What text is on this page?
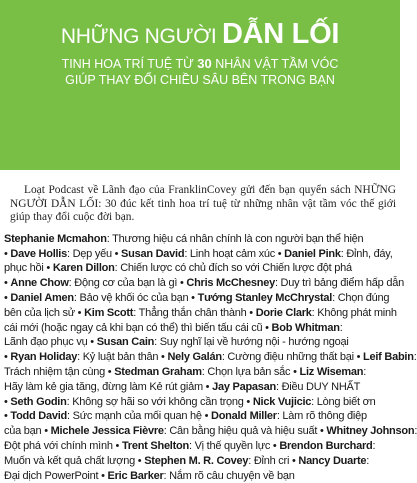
NHỮNG NGƯỜI DẪN LỐI
TINH HOA TRÍ TUỆ TỪ 30 NHÂN VẬT TẦM VÓC
GIÚP THAY ĐỔI CHIỀU SÂU BÊN TRONG BẠN

Loạt Podcast về Lãnh đạo của FranklinCovey gửi đến bạn quyển sách NHỮNG NGƯỜI DẪN LỐI: 30 đúc kết tinh hoa trí tuệ từ những nhân vật tầm vóc thế giới giúp thay đổi cuộc đời bạn.

Stephanie Mcmahon: Thương hiệu cá nhân chính là con người bạn thể hiện
• Dave Hollis: Dẹp yếu • Susan David: Linh hoạt cảm xúc • Daniel Pink: Đỉnh, đáy,
phục hồi • Karen Dillon: Chiến lược có chủ đích so với Chiến lược đột phá
• Anne Chow: Động cơ của bạn là gì • Chris McChesney: Duy trì bảng điểm hấp dẫn
• Daniel Amen: Bảo vệ khối óc của bạn • Tướng Stanley McChrystal: Chọn đúng
bên của lịch sử • Kim Scott: Thẳng thắn chân thành • Dorie Clark: Không phát minh
cái mới (hoặc ngay cả khi bạn có thể) thì biến tấu cái cũ • Bob Whitman:
Lãnh đạo phục vụ • Susan Cain: Suy nghĩ lại về hướng nội - hướng ngoại
• Ryan Holiday: Kỷ luật bản thân • Nely Galán: Cường điệu những thất bại • Leif Babin:
Trách nhiệm tận cùng • Stedman Graham: Chọn lựa bản sắc • Liz Wiseman:
Hãy làm kẻ gia tăng, đừng làm Kẻ rút giảm • Jay Papasan: Điều DUY NHẤT
• Seth Godin: Không sợ hãi so với không cần trọng • Nick Vujicic: Lòng biết ơn
• Todd David: Sức mạnh của mối quan hệ • Donald Miller: Làm rõ thông điệp
của bạn • Michele Jessica Fièvre: Cân bằng hiệu quả và hiệu suất • Whitney Johnson:
Đột phá với chính mình • Trent Shelton: Vị thế quyền lực • Brendon Burchard:
Muốn và kết quả chất lượng • Stephen M. R. Covey: Đỉnh cri • Nancy Duarte:
Đại dịch PowerPoint • Eric Barker: Nắm rõ câu chuyện về bạn
